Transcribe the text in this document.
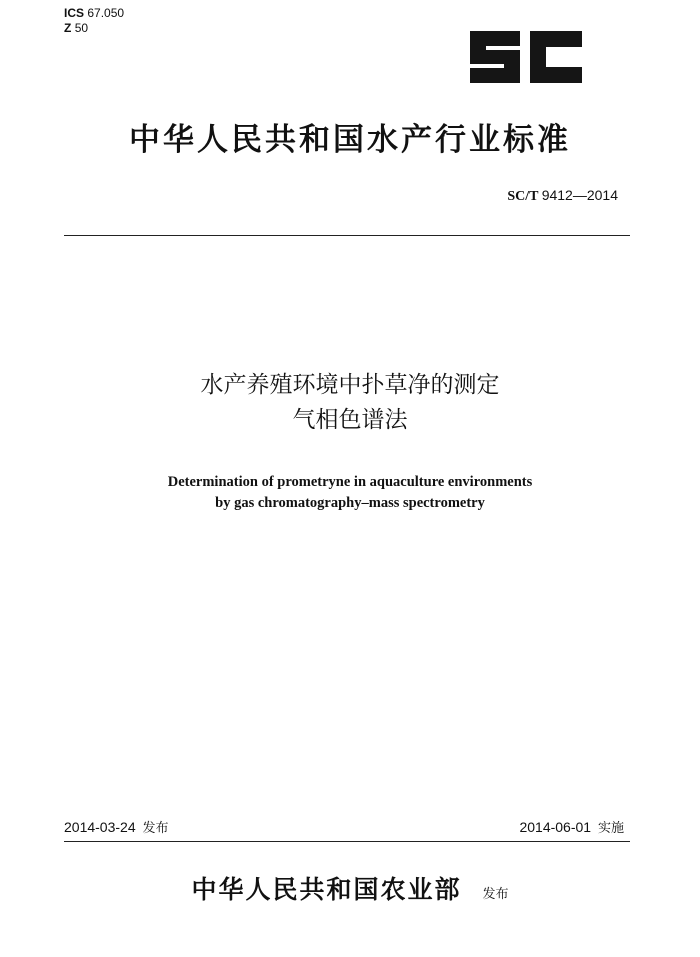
ICS 67.050
Z 50
中华人民共和国水产行业标准
SC/T 9412—2014
水产养殖环境中扑草净的测定
气相色谱法
Determination of prometryne in aquaculture environments
by gas chromatography–mass spectrometry
2014-03-24 发布	2014-06-01 实施
中华人民共和国农业部 发布
